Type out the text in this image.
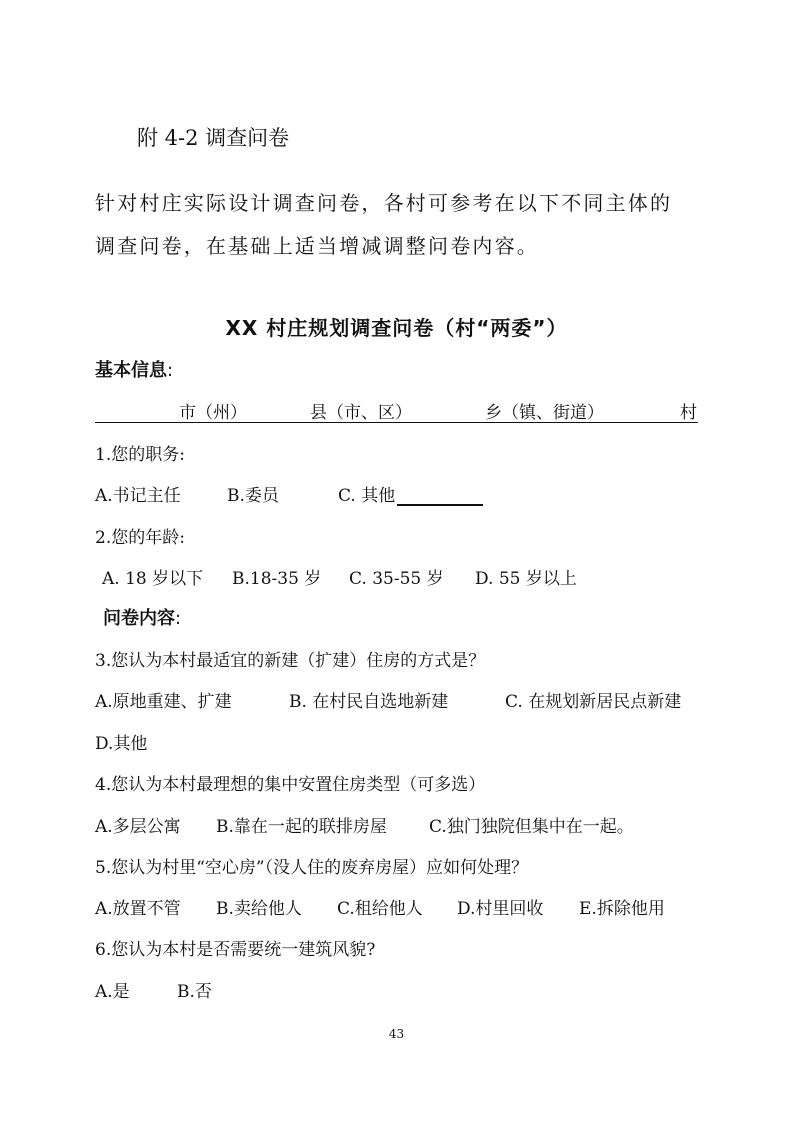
附 4-2 调查问卷
针对村庄实际设计调查问卷，各村可参考在以下不同主体的
调查问卷，在基础上适当增减调整问卷内容。
XX 村庄规划调查问卷（村“两委”）
基本信息:
市（州）	县（市、区）	乡（镇、街道）	村
1.您的职务:
A.书记主任	B.委员	C. 其他
2.您的年龄:
A. 18 岁以下 B.18-35 岁 C. 35-55 岁 D. 55 岁以上
问卷内容:
3.您认为本村最适宜的新建（扩建）住房的方式是？
A.原地重建、扩建	B. 在村民自选地新建	C. 在规划新居民点新建
D.其他
4.您认为本村最理想的集中安置住房类型（可多选）
A.多层公寓 B.靠在一起的联排房屋 C.独门独院但集中在一起。
5.您认为村里“空心房”（没人住的废弃房屋）应如何处理？
A.放置不管 B.卖给他人 C.租给他人 D.村里回收 E.拆除他用
6.您认为本村是否需要统一建筑风貌?
A.是	B.否
43
